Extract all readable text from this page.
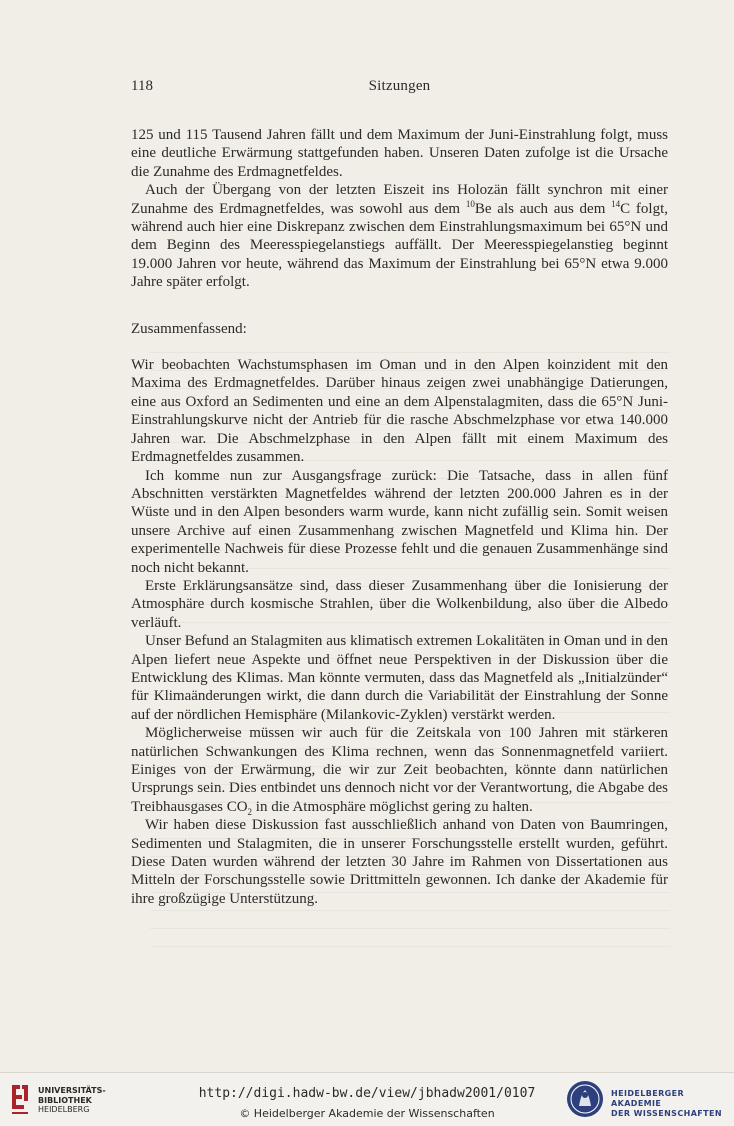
118	Sitzungen

125 und 115 Tausend Jahren fällt und dem Maximum der Juni-Einstrahlung folgt, muss eine deutliche Erwärmung stattgefunden haben. Unseren Daten zufolge ist die Ursache die Zunahme des Erdmagnetfeldes.

Auch der Übergang von der letzten Eiszeit ins Holozän fällt synchron mit einer Zunahme des Erdmagnetfeldes, was sowohl aus dem $^{10}$Be als auch aus dem $^{14}$C folgt, während auch hier eine Diskrepanz zwischen dem Einstrahlungsmaximum bei 65°N und dem Beginn des Meeresspiegelanstiegs auffällt. Der Meeresspiegelanstieg beginnt 19.000 Jahren vor heute, während das Maximum der Einstrahlung bei 65°N etwa 9.000 Jahre später erfolgt.

Zusammenfassend:

Wir beobachten Wachstumsphasen im Oman und in den Alpen koinzident mit den Maxima des Erdmagnetfeldes. Darüber hinaus zeigen zwei unabhängige Datierungen, eine aus Oxford an Sedimenten und eine an dem Alpenstalagmiten, dass die 65°N Juni-Einstrahlungskurve nicht der Antrieb für die rasche Abschmelzphase vor etwa 140.000 Jahren war. Die Abschmelzphase in den Alpen fällt mit einem Maximum des Erdmagnetfeldes zusammen.

Ich komme nun zur Ausgangsfrage zurück: Die Tatsache, dass in allen fünf Abschnitten verstärkten Magnetfeldes während der letzten 200.000 Jahren es in der Wüste und in den Alpen besonders warm wurde, kann nicht zufällig sein. Somit weisen unsere Archive auf einen Zusammenhang zwischen Magnetfeld und Klima hin. Der experimentelle Nachweis für diese Prozesse fehlt und die genauen Zusammenhänge sind noch nicht bekannt.

Erste Erklärungsansätze sind, dass dieser Zusammenhang über die Ionisierung der Atmosphäre durch kosmische Strahlen, über die Wolkenbildung, also über die Albedo verläuft.

Unser Befund an Stalagmiten aus klimatisch extremen Lokalitäten in Oman und in den Alpen liefert neue Aspekte und öffnet neue Perspektiven in der Diskussion über die Entwicklung des Klimas. Man könnte vermuten, dass das Magnetfeld als „Initialzünder“ für Klimaänderungen wirkt, die dann durch die Variabilität der Einstrahlung der Sonne auf der nördlichen Hemisphäre (Milankovic-Zyklen) verstärkt werden.

Möglicherweise müssen wir auch für die Zeitskala von 100 Jahren mit stärkeren natürlichen Schwankungen des Klima rechnen, wenn das Sonnenmagnetfeld variiert. Einiges von der Erwärmung, die wir zur Zeit beobachten, könnte dann natürlichen Ursprungs sein. Dies entbindet uns dennoch nicht vor der Verantwortung, die Abgabe des Treibhausgases $CO_2$ in die Atmosphäre möglichst gering zu halten.

Wir haben diese Diskussion fast ausschließlich anhand von Daten von Baumringen, Sedimenten und Stalagmiten, die in unserer Forschungsstelle erstellt wurden, geführt. Diese Daten wurden während der letzten 30 Jahre im Rahmen von Dissertationen aus Mitteln der Forschungsstelle sowie Drittmitteln gewonnen. Ich danke der Akademie für ihre großzügige Unterstützung.

UNIVERSITÄTS-
BIBLIOTHEK
HEIDELBERG
http://digi.hadw-bw.de/view/jbhadw2001/0107
© Heidelberger Akademie der Wissenschaften
HEIDELBERGER AKADEMIE
DER WISSENSCHAFTEN
